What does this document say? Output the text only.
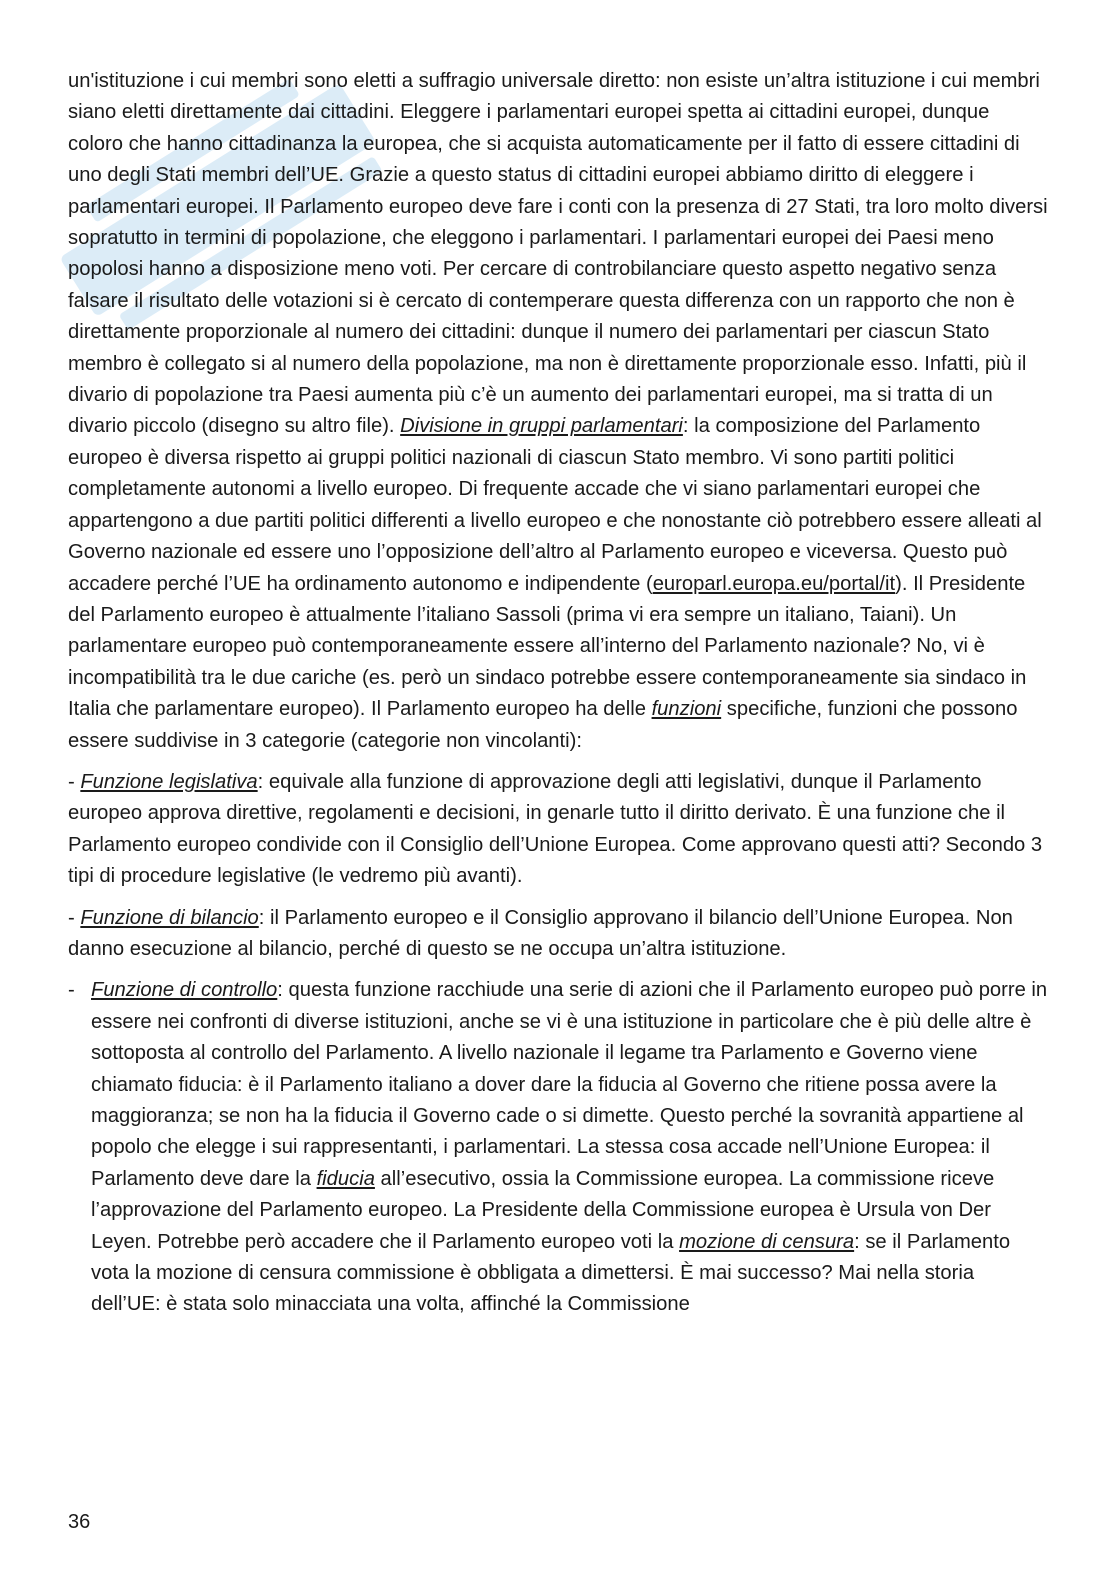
un'istituzione i cui membri sono eletti a suffragio universale diretto: non esiste un’altra istituzione i cui membri siano eletti direttamente dai cittadini. Eleggere i parlamentari europei spetta ai cittadini europei, dunque coloro che hanno cittadinanza la europea, che si acquista automaticamente per il fatto di essere cittadini di uno degli Stati membri dell’UE. Grazie a questo status di cittadini europei abbiamo diritto di eleggere i parlamentari europei. Il Parlamento europeo deve fare i conti con la presenza di 27 Stati, tra loro molto diversi sopratutto in termini di popolazione, che eleggono i parlamentari. I parlamentari europei dei Paesi meno popolosi hanno a disposizione meno voti. Per cercare di controbilanciare questo aspetto negativo senza falsare il risultato delle votazioni si è cercato di contemperare questa differenza con un rapporto che non è direttamente proporzionale al numero dei cittadini: dunque il numero dei parlamentari per ciascun Stato membro è collegato si al numero della popolazione, ma non è direttamente proporzionale esso. Infatti, più il divario di popolazione tra Paesi aumenta più c’è un aumento dei parlamentari europei, ma si tratta di un divario piccolo (disegno su altro file). Divisione in gruppi parlamentari: la composizione del Parlamento europeo è diversa rispetto ai gruppi politici nazionali di ciascun Stato membro. Vi sono partiti politici completamente autonomi a livello europeo. Di frequente accade che vi siano parlamentari europei che appartengono a due partiti politici differenti a livello europeo e che nonostante ciò potrebbero essere alleati al Governo nazionale ed essere uno l’opposizione dell’altro al Parlamento europeo e viceversa. Questo può accadere perché l’UE ha ordinamento autonomo e indipendente (europarl.europa.eu/portal/it). Il Presidente del Parlamento europeo è attualmente l’italiano Sassoli (prima vi era sempre un italiano, Taiani). Un parlamentare europeo può contemporaneamente essere all’interno del Parlamento nazionale? No, vi è incompatibilità tra le due cariche (es. però un sindaco potrebbe essere contemporaneamente sia sindaco in Italia che parlamentare europeo). Il Parlamento europeo ha delle funzioni specifiche, funzioni che possono essere suddivise in 3 categorie (categorie non vincolanti):

- Funzione legislativa: equivale alla funzione di approvazione degli atti legislativi, dunque il Parlamento europeo approva direttive, regolamenti e decisioni, in genarle tutto il diritto derivato. È una funzione che il Parlamento europeo condivide con il Consiglio dell’Unione Europea. Come approvano questi atti? Secondo 3 tipi di procedure legislative (le vedremo più avanti).

- Funzione di bilancio: il Parlamento europeo e il Consiglio approvano il bilancio dell’Unione Europea. Non danno esecuzione al bilancio, perché di questo se ne occupa un’altra istituzione.

- Funzione di controllo: questa funzione racchiude una serie di azioni che il Parlamento europeo può porre in essere nei confronti di diverse istituzioni, anche se vi è una istituzione in particolare che è più delle altre è sottoposta al controllo del Parlamento. A livello nazionale il legame tra Parlamento e Governo viene chiamato fiducia: è il Parlamento italiano a dover dare la fiducia al Governo che ritiene possa avere la maggioranza; se non ha la fiducia il Governo cade o si dimette. Questo perché la sovranità appartiene al popolo che elegge i sui rappresentanti, i parlamentari. La stessa cosa accade nell’Unione Europea: il Parlamento deve dare la fiducia all’esecutivo, ossia la Commissione europea. La commissione riceve l’approvazione del Parlamento europeo. La Presidente della Commissione europea è Ursula von Der Leyen. Potrebbe però accadere che il Parlamento europeo voti la mozione di censura: se il Parlamento vota la mozione di censura commissione è obbligata a dimettersi. È mai successo? Mai nella storia dell’UE: è stata solo minacciata una volta, affinché la Commissione

36
